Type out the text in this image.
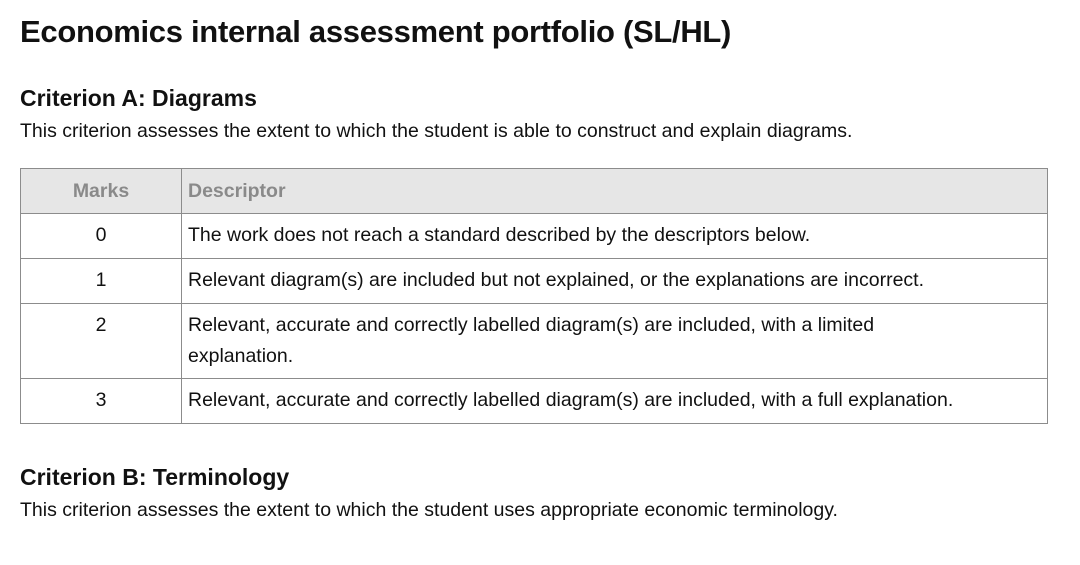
Economics internal assessment portfolio (SL/HL)
Criterion A: Diagrams

This criterion assesses the extent to which the student is able to construct and explain diagrams.

Marks	Descriptor
0	The work does not reach a standard described by the descriptors below.
1	Relevant diagram(s) are included but not explained, or the explanations are incorrect.
2	Relevant, accurate and correctly labelled diagram(s) are included, with a limited explanation.
3	Relevant, accurate and correctly labelled diagram(s) are included, with a full explanation.
Criterion B: Terminology

This criterion assesses the extent to which the student uses appropriate economic terminology.
